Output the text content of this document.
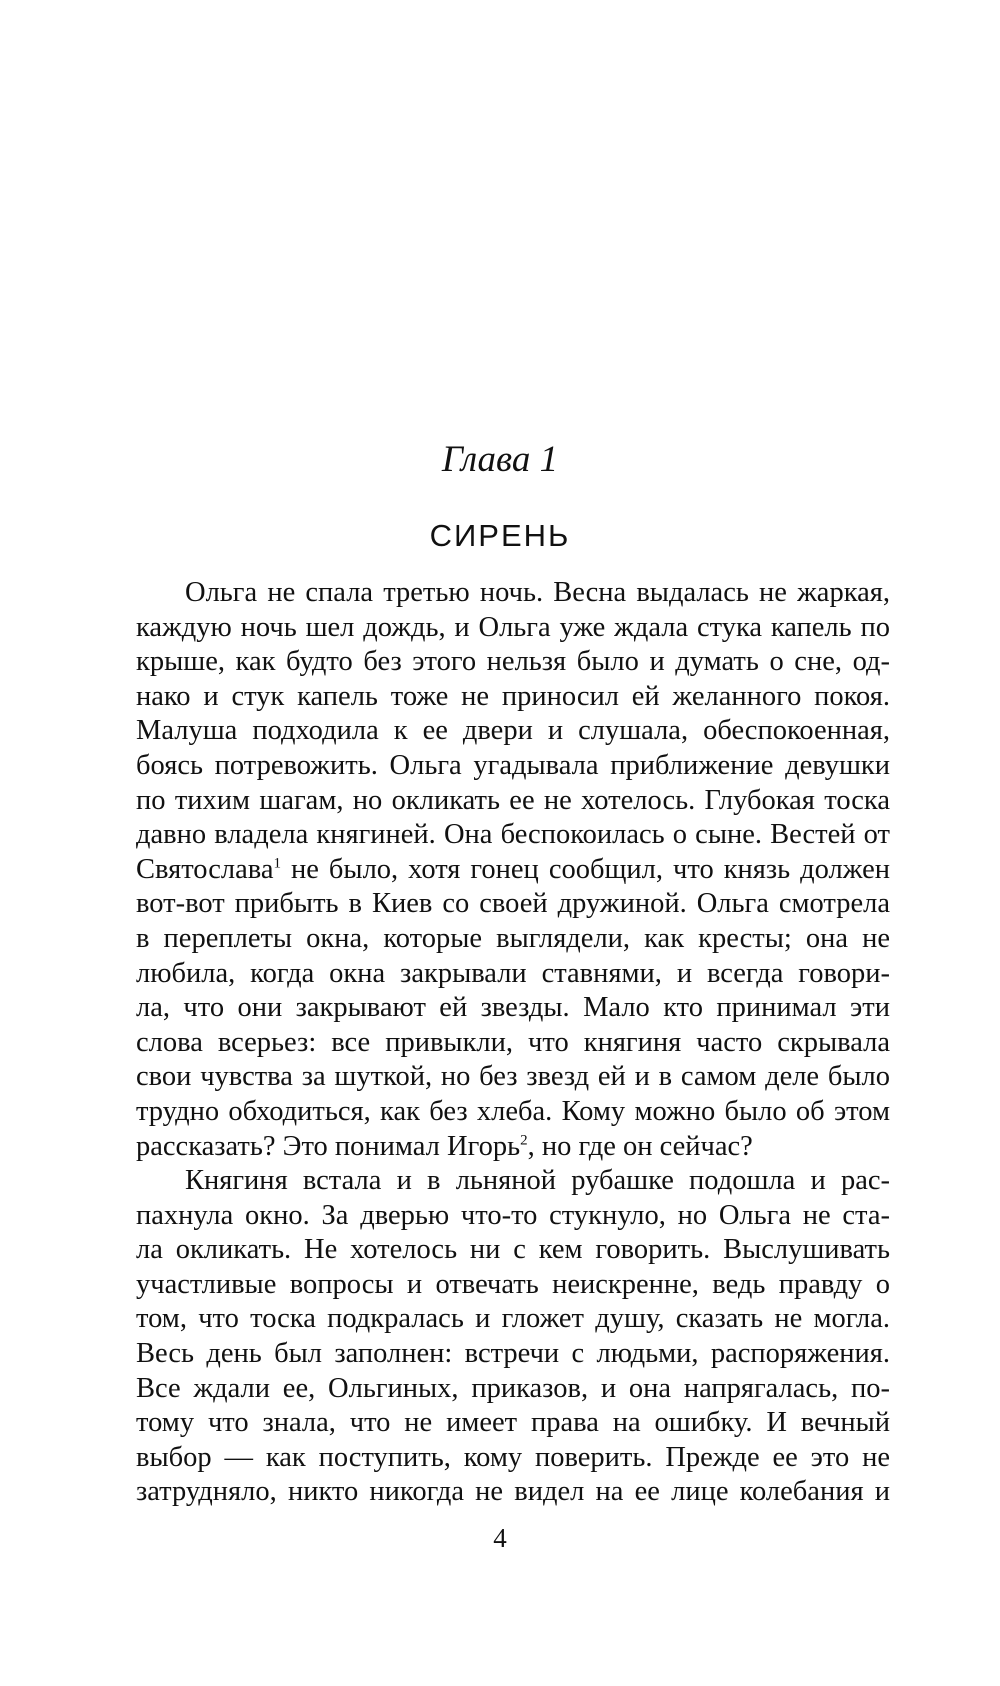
Глава 1
СИРЕНЬ
Ольга не спала третью ночь. Весна выдалась не жаркая,
каждую ночь шел дождь, и Ольга уже ждала стука капель по
крыше, как будто без этого нельзя было и думать о сне, од-
нако и стук капель тоже не приносил ей желанного покоя.
Малуша подходила к ее двери и слушала, обеспокоенная,
боясь потревожить. Ольга угадывала приближение девушки
по тихим шагам, но окликать ее не хотелось. Глубокая тоска
давно владела княгиней. Она беспокоилась о сыне. Вестей от
Святослава$^1$ не было, хотя гонец сообщил, что князь должен
вот-вот прибыть в Киев со своей дружиной. Ольга смотрела
в переплеты окна, которые выглядели, как кресты; она не
любила, когда окна закрывали ставнями, и всегда говори-
ла, что они закрывают ей звезды. Мало кто принимал эти
слова всерьез: все привыкли, что княгиня часто скрывала
свои чувства за шуткой, но без звезд ей и в самом деле было
трудно обходиться, как без хлеба. Кому можно было об этом
рассказать? Это понимал Игорь$^2$, но где он сейчас?
Княгиня встала и в льняной рубашке подошла и рас-
пахнула окно. За дверью что-то стукнуло, но Ольга не ста-
ла окликать. Не хотелось ни с кем говорить. Выслушивать
участливые вопросы и отвечать неискренне, ведь правду о
том, что тоска подкралась и гложет душу, сказать не могла.
Весь день был заполнен: встречи с людьми, распоряжения.
Все ждали ее, Ольгиных, приказов, и она напрягалась, по-
тому что знала, что не имеет права на ошибку. И вечный
выбор — как поступить, кому поверить. Прежде ее это не
затрудняло, никто никогда не видел на ее лице колебания и
4
